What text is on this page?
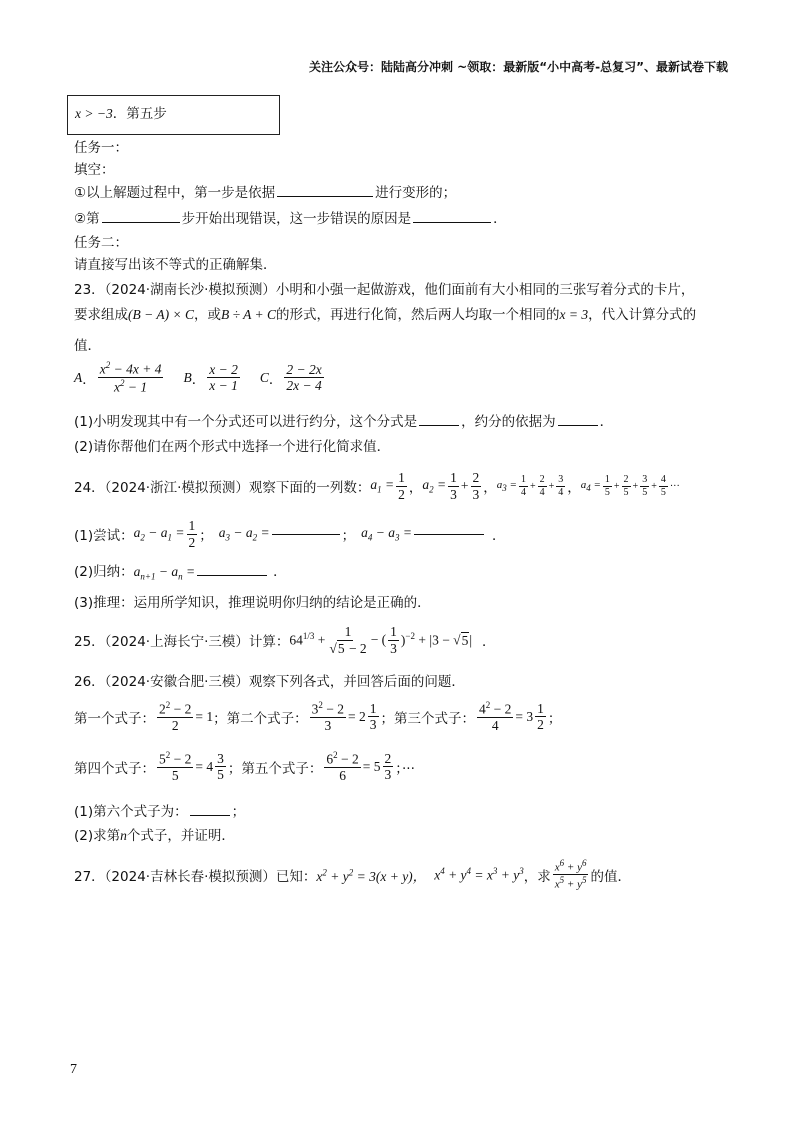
关注公众号：陆陆高分冲刺 ~领取：最新版“小中高考-总复习”、最新试卷下载
x > −3．第五步
任务一：
填空：
①以上解题过程中，第一步是依据	进行变形的；
②第	步开始出现错误，这一步错误的原因是	．
任务二：
请直接写出该不等式的正确解集．
23．（2024·湖南长沙·模拟预测）小明和小强一起做游戏，他们面前有大小相同的三张写着分式的卡片，
要求组成(B − A) × C，或B ÷ A + C的形式，再进行化简，然后两人均取一个相同的x = 3，代入计算分式的
值．
A ． $\frac{x^2 - 4x + 4}{x^2 - 1}$ B ． $\frac{x - 2}{x - 1}$ C ． $\frac{2 - 2x}{2x - 4}$
(1)小明发现其中有一个分式还可以进行约分，这个分式是	，约分的依据为	．
(2)请你帮他们在两个形式中选择一个进行化简求值．
24．（2024·浙江·模拟预测）观察下面的一列数： $a_1 = \frac{1}{2}$ ， $a_2 = \frac{1}{3} + \frac{2}{3}$ ， $a_3 = \frac{1}{4} + \frac{2}{4} + \frac{3}{4}$ ， $a_4 = \frac{1}{5} + \frac{2}{5} + \frac{3}{5} + \frac{4}{5}$ ···
(1)尝试： $a_2 - a_1 = \frac{1}{2}$ ； $a_3 - a_2$ =	； $a_4 - a_3$ =	．
(2)归纳：$a_{n+1} - a_n$ =	．
(3)推理：运用所学知识，推理说明你归纳的结论是正确的．
25．（2024·上海长宁·三模）计算： $64^{1/3} + \frac{1}{√5 - 2}$ − ( $\frac{1}{3} )^{-2} + |3 - √5|$ ．
26．（2024·安徽合肥·三模）观察下列各式，并回答后面的问题．
第一个式子： $\frac{2^2 - 2}{2} = 1$ ；第二个式子： $\frac{3^2 - 2}{3} = 2 \frac{1}{3}$ ；第三个式子： $\frac{4^2 - 2}{4} = 3 \frac{1}{2}$ ；
第四个式子： $\frac{5^2 - 2}{5} = 4 \frac{3}{5}$ ；第五个式子： $\frac{6^2 - 2}{6} = 5 \frac{2}{3}$ ；···
(1)第六个式子为：	；
(2)求第n个式子，并证明．
27．（2024·吉林长春·模拟预测）已知： $x^2 + y^2 = 3(x + y)$， $x^4 + y^4 = x^3 + y^3$ ，求 $\frac{x^6 + y^6}{x^5 + y^5}$ 的值．
7
